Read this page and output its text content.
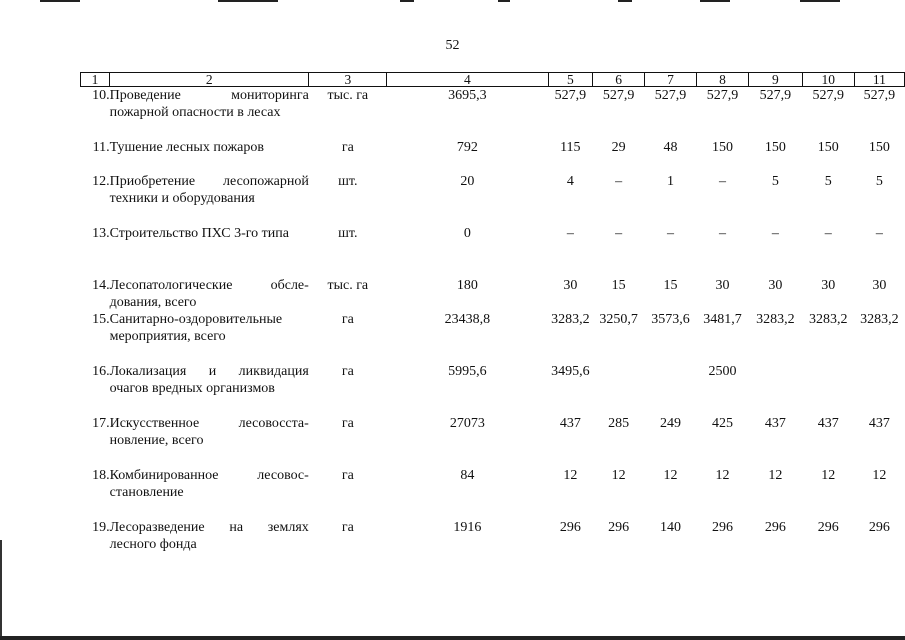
52
1	2	3	4	5	6	7	8	9	10	11
10.	Проведение мониторинга пожарной опасности в лесах	тыс. га	3695,3	527,9	527,9	527,9	527,9	527,9	527,9	527,9
11.	Тушение лесных пожаров	га	792	115	29	48	150	150	150	150
12.	Приобретение лесопожарной техники и оборудования	шт.	20	4	–	1	–	5	5	5
13.	Строительство ПХС 3-го типа	шт.	0	–	–	–	–	–	–	–
14.	Лесопатологические обсле-дования, всего	тыс. га	180	30	15	15	30	30	30	30
15.	Санитарно-оздоровительные мероприятия, всего	га	23438,8	3283,2	3250,7	3573,6	3481,7	3283,2	3283,2	3283,2
16.	Локализация и ликвидация очагов вредных организмов	га	5995,6	3495,6			2500			
17.	Искусственное лесовосста-новление, всего	га	27073	437	285	249	425	437	437	437
18.	Комбинированное лесовос-становление	га	84	12	12	12	12	12	12	12
19.	Лесоразведение на землях лесного фонда	га	1916	296	296	140	296	296	296	296
